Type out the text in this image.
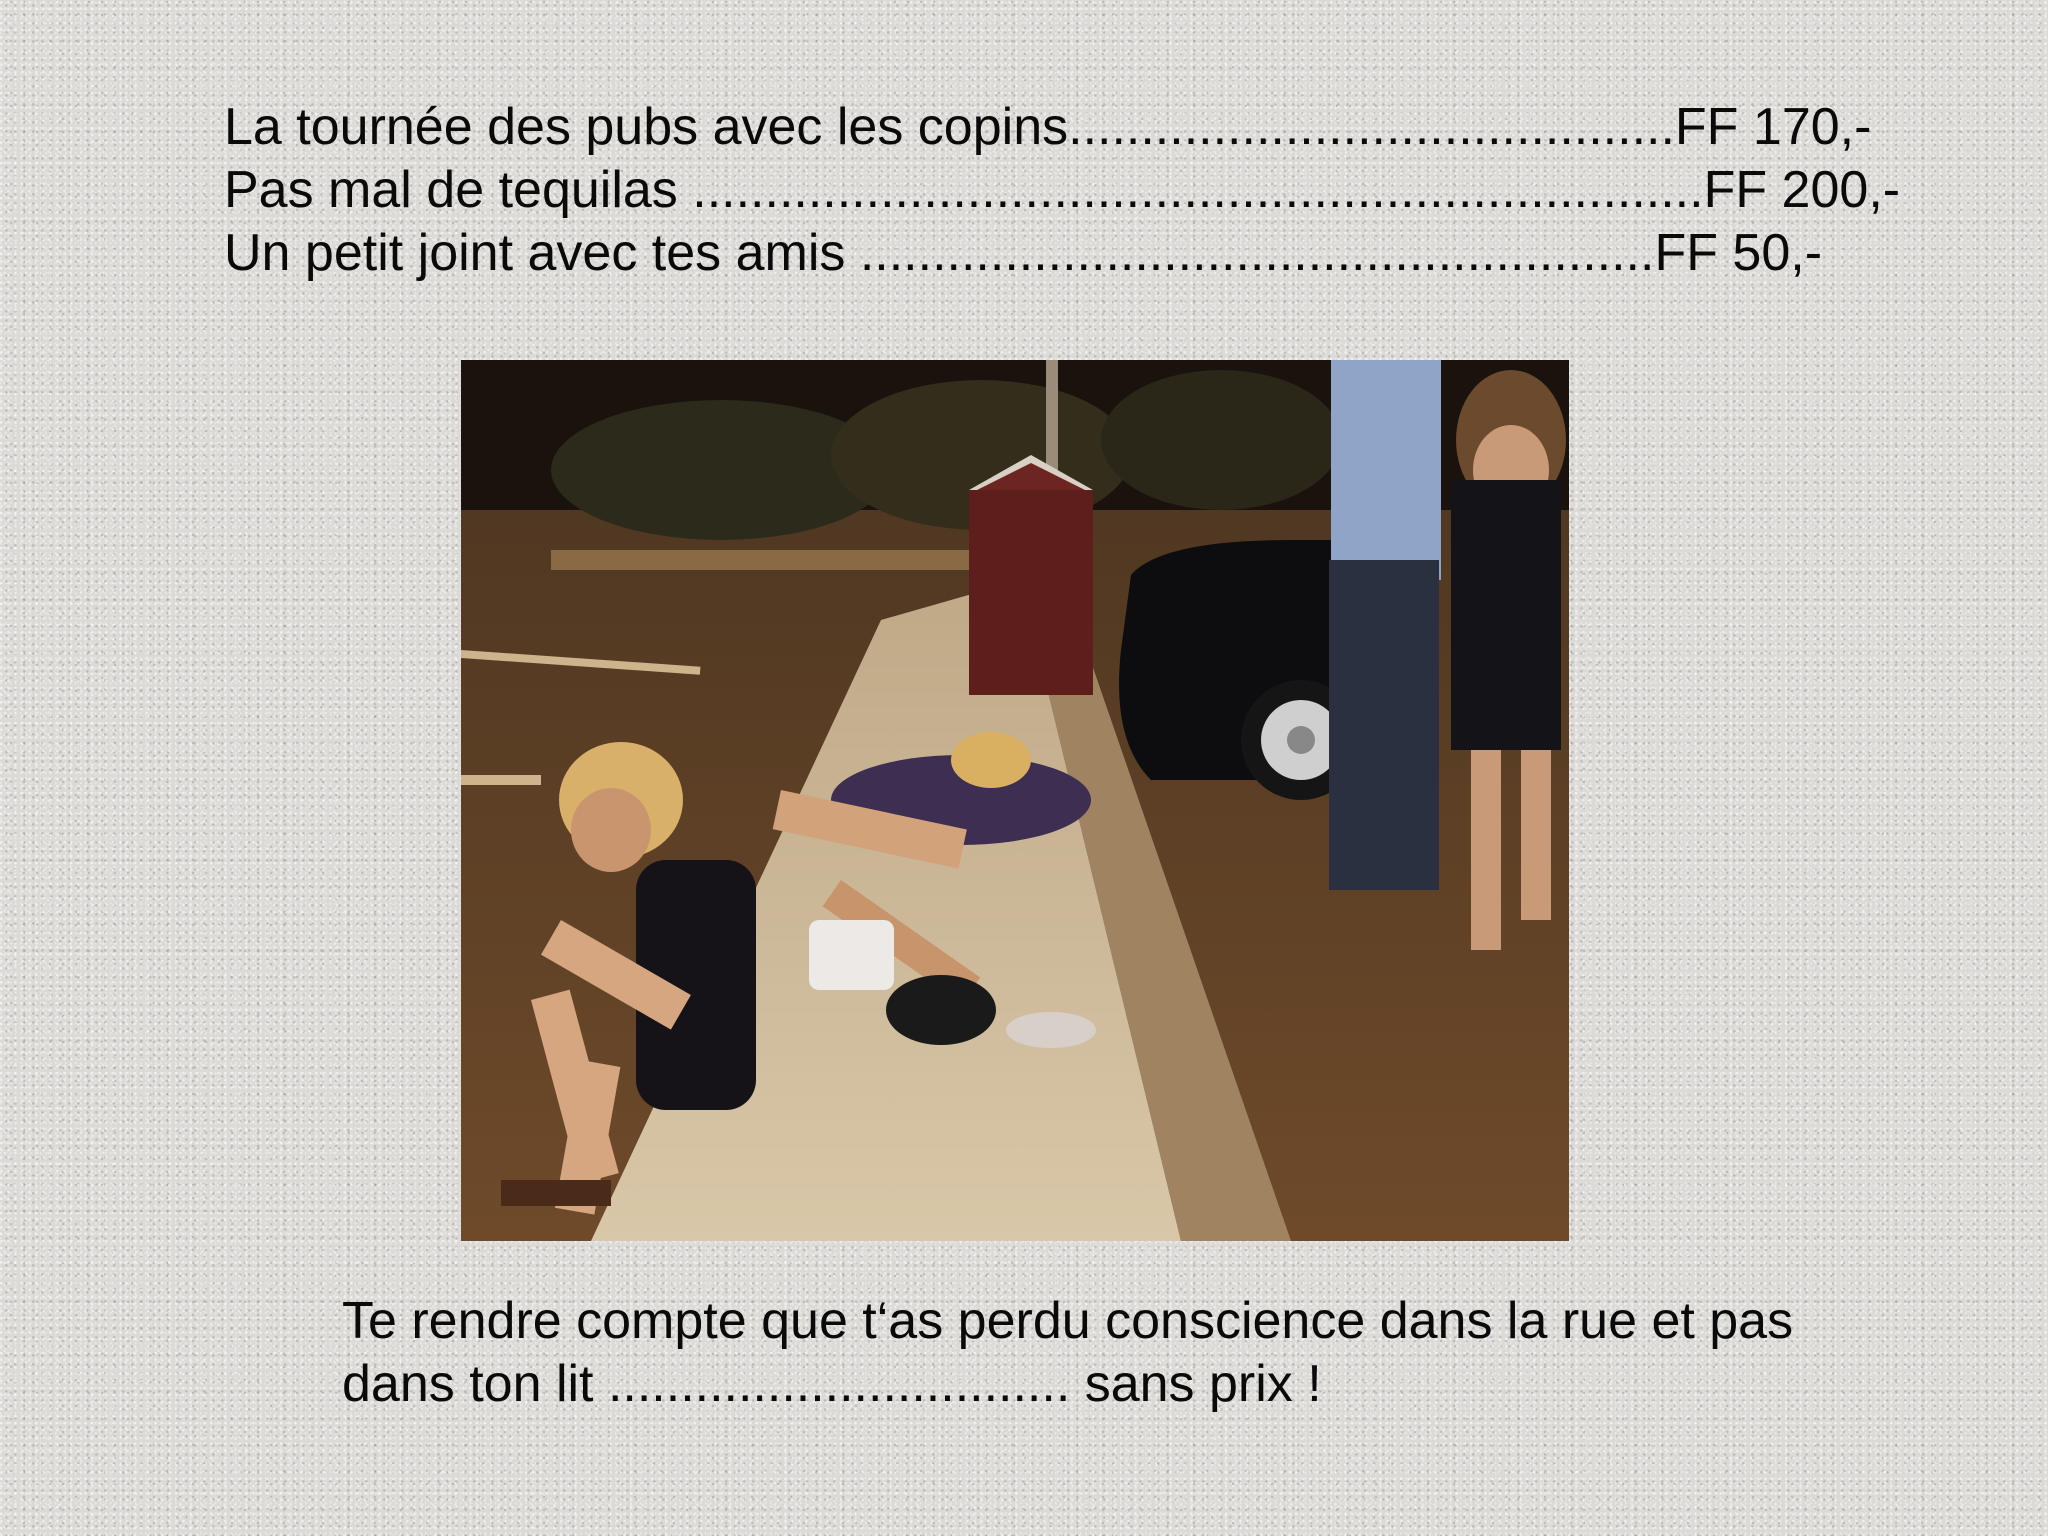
La tournée des pubs avec les copins..........................................FF 170,-
Pas mal de tequilas ......................................................................FF 200,-
Un petit joint avec tes amis .......................................................FF 50,-
Te rendre compte que t‘as perdu conscience dans la rue et pas
dans ton lit ................................ sans prix !
